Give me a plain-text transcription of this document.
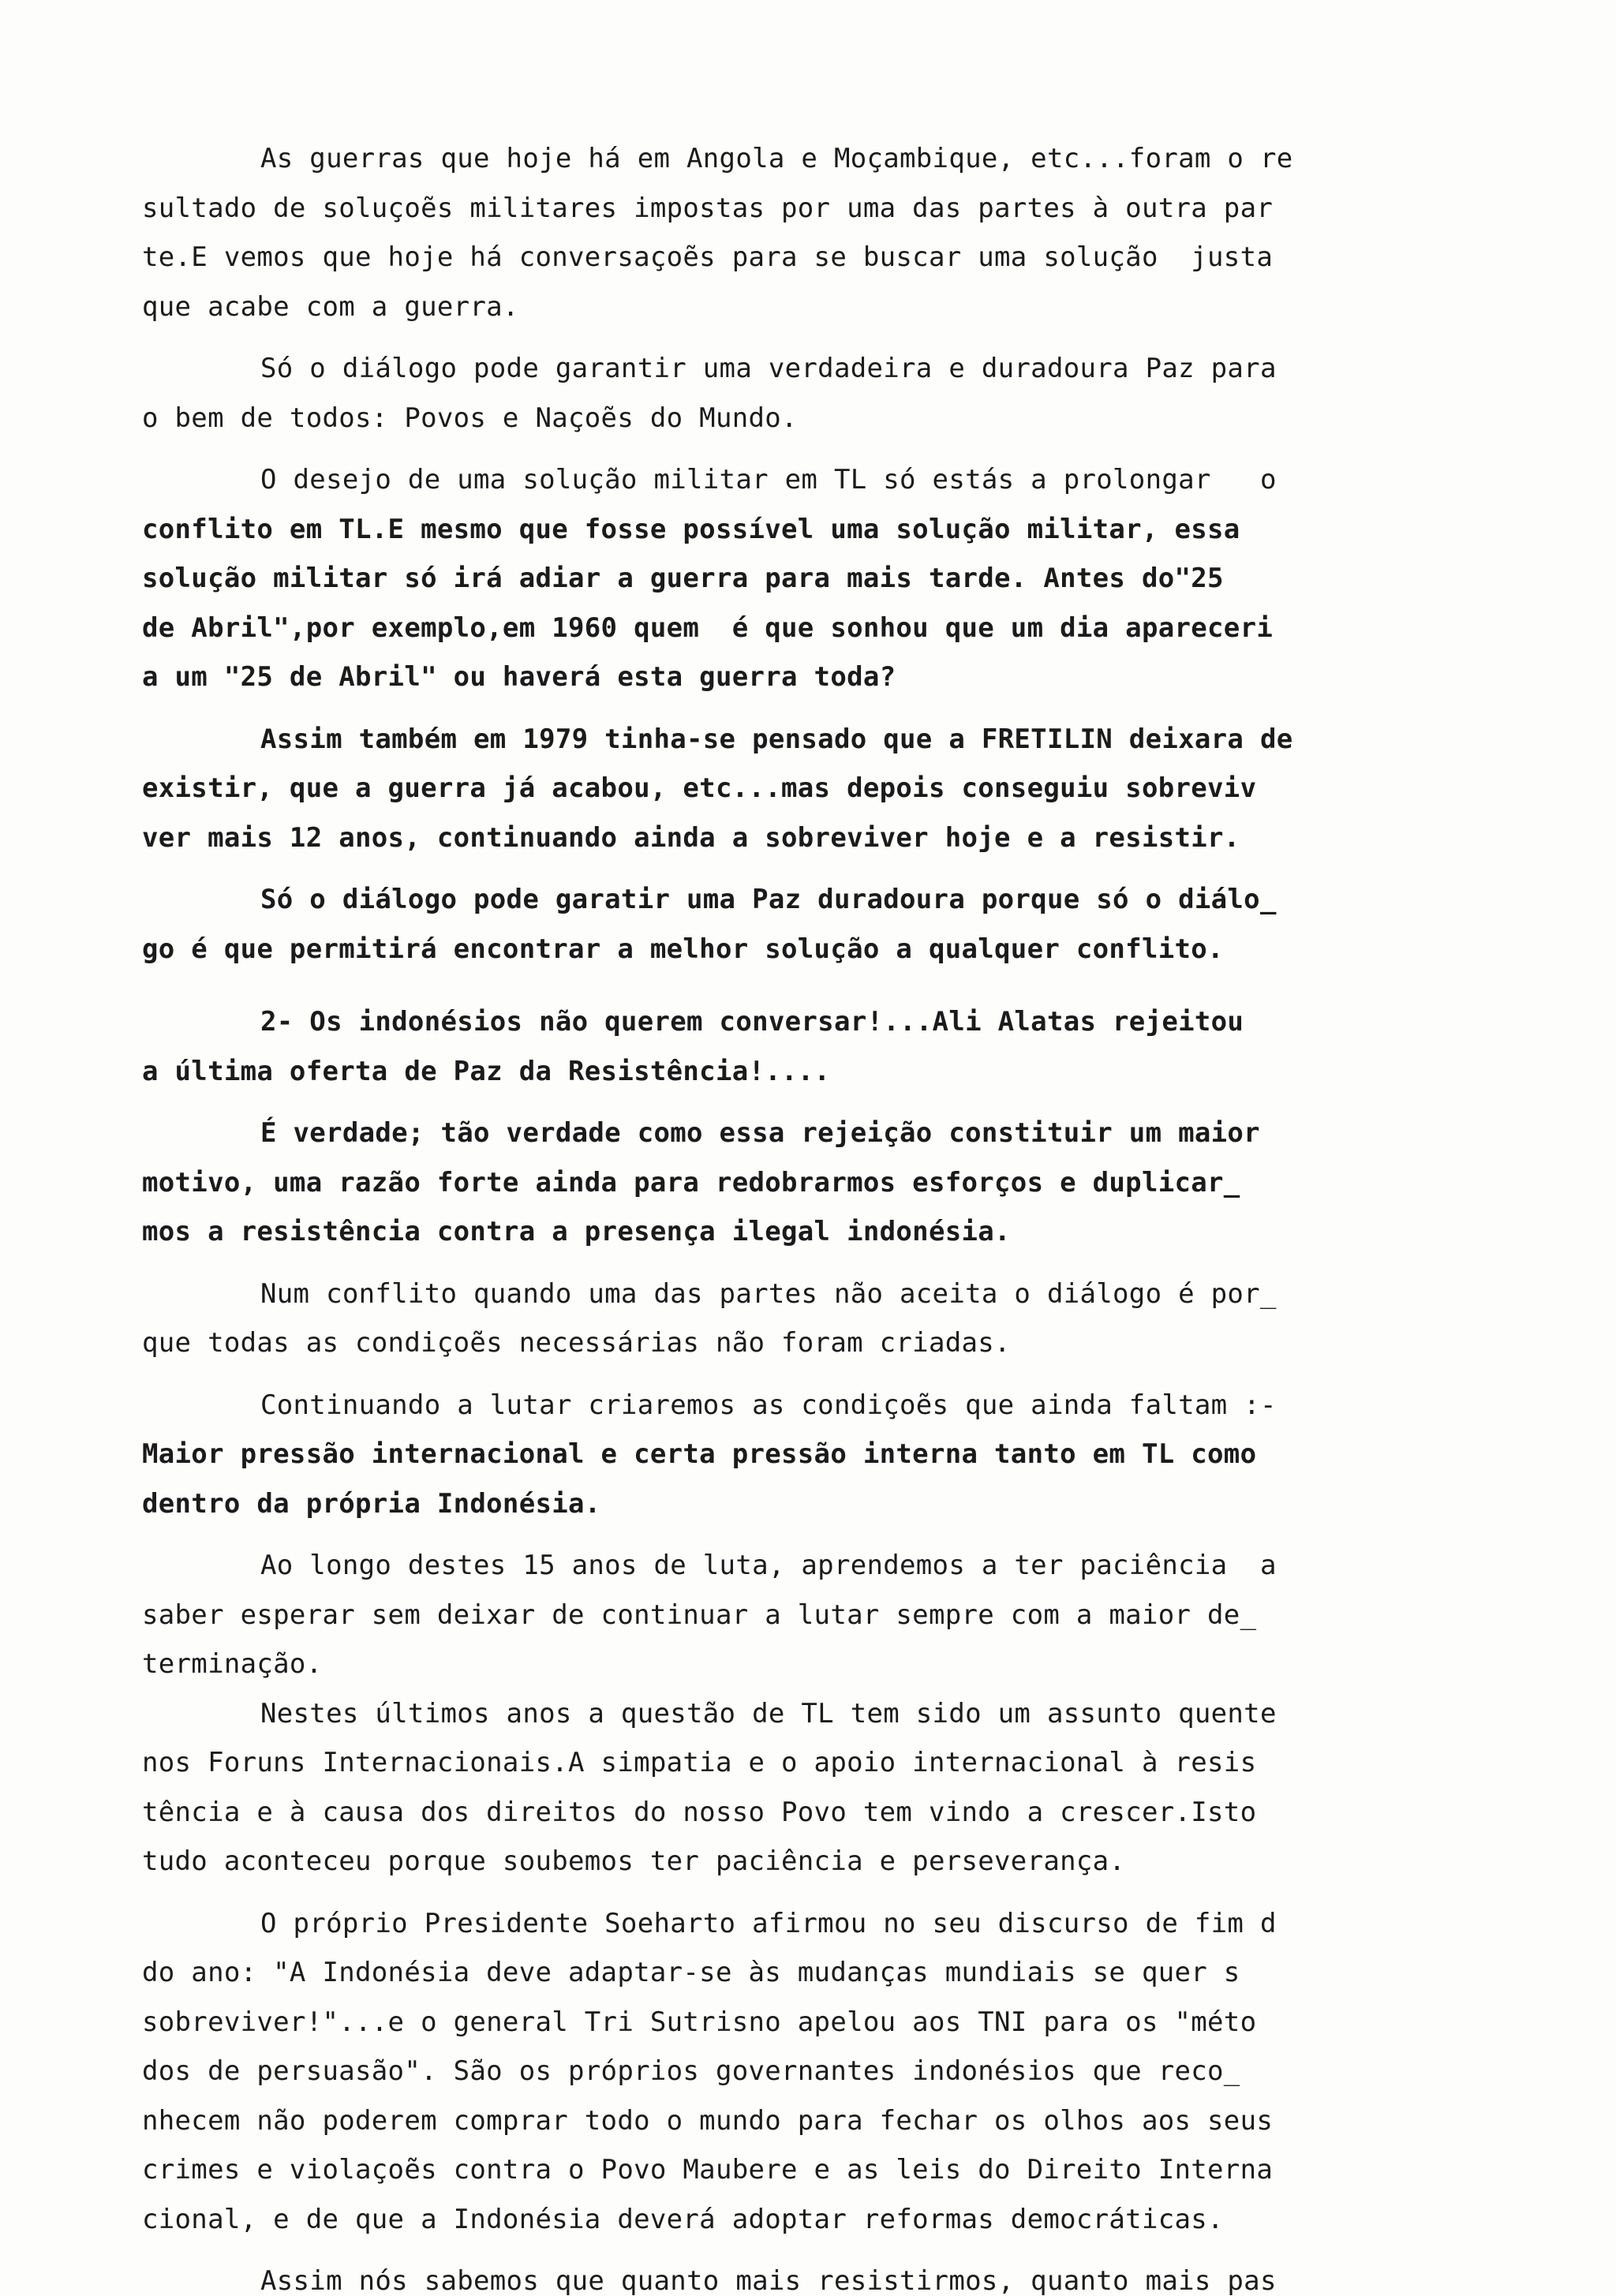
As guerras que hoje há em Angola e Moçambique, etc...foram o re
sultado de soluçoẽs militares impostas por uma das partes à outra par
te.E vemos que hoje há conversaçoẽs para se buscar uma solução  justa
que acabe com a guerra.
Só o diálogo pode garantir uma verdadeira e duradoura Paz para
o bem de todos: Povos e Naçoẽs do Mundo.
O desejo de uma solução militar em TL só estás a prolongar   o
conflito em TL.E mesmo que fosse possível uma solução militar, essa
solução militar só irá adiar a guerra para mais tarde. Antes do"25
de Abril",por exemplo,em 1960 quem  é que sonhou que um dia apareceri
a um "25 de Abril" ou haverá esta guerra toda?
Assim também em 1979 tinha-se pensado que a FRETILIN deixara de
existir, que a guerra já acabou, etc...mas depois conseguiu sobreviv
ver mais 12 anos, continuando ainda a sobreviver hoje e a resistir.
Só o diálogo pode garatir uma Paz duradoura porque só o diálo_
go é que permitirá encontrar a melhor solução a qualquer conflito.
2- Os indonésios não querem conversar!...Ali Alatas rejeitou
a última oferta de Paz da Resistência!....
É verdade; tão verdade como essa rejeição constituir um maior
motivo, uma razão forte ainda para redobrarmos esforços e duplicar_
mos a resistência contra a presença ilegal indonésia.
Num conflito quando uma das partes não aceita o diálogo é por_
que todas as condiçoẽs necessárias não foram criadas.
Continuando a lutar criaremos as condiçoẽs que ainda faltam :-
Maior pressão internacional e certa pressão interna tanto em TL como
dentro da própria Indonésia.
Ao longo destes 15 anos de luta, aprendemos a ter paciência  a
saber esperar sem deixar de continuar a lutar sempre com a maior de_
terminação.
Nestes últimos anos a questão de TL tem sido um assunto quente
nos Foruns Internacionais.A simpatia e o apoio internacional à resis
tência e à causa dos direitos do nosso Povo tem vindo a crescer.Isto
tudo aconteceu porque soubemos ter paciência e perseverança.
O próprio Presidente Soeharto afirmou no seu discurso de fim d
do ano: "A Indonésia deve adaptar-se às mudanças mundiais se quer s
sobreviver!"...e o general Tri Sutrisno apelou aos TNI para os "méto
dos de persuasão". São os próprios governantes indonésios que reco_
nhecem não poderem comprar todo o mundo para fechar os olhos aos seus
crimes e violaçoẽs contra o Povo Maubere e as leis do Direito Interna
cional, e de que a Indonésia deverá adoptar reformas democráticas.
Assim nós sabemos que quanto mais resistirmos, quanto mais pas
